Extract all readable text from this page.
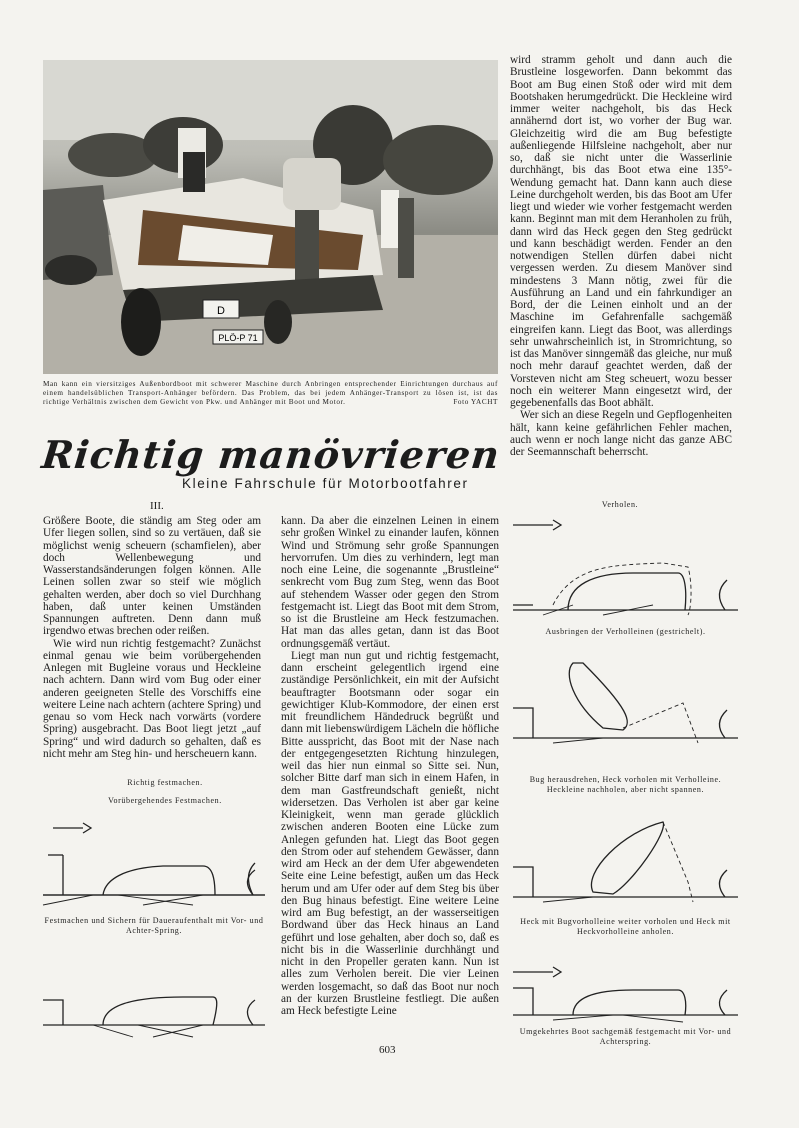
D
PLÖ-P 71
Man kann ein viersitziges Außenbordboot mit schwerer Maschine durch Anbringen entsprechender Einrichtungen durchaus auf einem handelsüblichen Transport-Anhänger befördern. Das Problem, das bei jedem Anhänger-Transport zu lösen ist, ist das richtige Verhältnis zwischen dem Gewicht von Pkw. und Anhänger mit Boot und Motor.	Foto YACHT
Richtig manövrieren
Kleine Fahrschule für Motorbootfahrer
III.

Größere Boote, die ständig am Steg oder am Ufer liegen sollen, sind so zu vertäuen, daß sie möglichst wenig scheuern (schamfielen), aber doch Wellenbewegung und Wasserstandsänderungen folgen können. Alle Leinen sollen zwar so steif wie möglich gehalten werden, aber doch so viel Durchhang haben, daß unter keinen Umständen Spannungen auftreten. Denn dann muß irgendwo etwas brechen oder reißen.

Wie wird nun richtig festgemacht? Zunächst einmal genau wie beim vorübergehenden Anlegen mit Bugleine voraus und Heckleine nach achtern. Dann wird vom Bug oder einer anderen geeigneten Stelle des Vorschiffs eine weitere Leine nach achtern (achtere Spring) und genau so vom Heck nach vorwärts (vordere Spring) ausgebracht. Das Boot liegt jetzt „auf Spring“ und wird dadurch so gehalten, daß es nicht mehr am Steg hin- und herscheuern kann.

kann. Da aber die einzelnen Leinen in einem sehr großen Winkel zu einander laufen, können Wind und Strömung sehr große Spannungen hervorrufen. Um dies zu verhindern, legt man noch eine Leine, die sogenannte „Brustleine“ senkrecht vom Bug zum Steg, wenn das Boot auf stehendem Wasser oder gegen den Strom festgemacht ist. Liegt das Boot mit dem Strom, so ist die Brustleine am Heck festzumachen. Hat man das alles getan, dann ist das Boot ordnungsgemäß vertäut.

Liegt man nun gut und richtig festgemacht, dann erscheint gelegentlich irgend eine zuständige Persönlichkeit, ein mit der Aufsicht beauftragter Bootsmann oder sogar ein gewichtiger Klub-Kommodore, der einen erst mit freundlichem Händedruck begrüßt und dann mit liebenswürdigem Lächeln die höfliche Bitte ausspricht, das Boot mit der Nase nach der entgegengesetzten Richtung hinzulegen, weil das hier nun einmal so Sitte sei. Nun, solcher Bitte darf man sich in einem Hafen, in dem man Gastfreundschaft genießt, nicht widersetzen. Das Verholen ist aber gar keine Kleinigkeit, wenn man gerade glücklich zwischen anderen Booten eine Lücke zum Anlegen gefunden hat. Liegt das Boot gegen den Strom oder auf stehendem Gewässer, dann wird am Heck an der dem Ufer abgewendeten Seite eine Leine befestigt, außen um das Heck herum und am Ufer oder auf dem Steg bis über den Bug hinaus befestigt. Eine weitere Leine wird am Bug befestigt, an der wasserseitigen Bordwand über das Heck hinaus an Land geführt und lose gehalten, aber doch so, daß es nicht bis in die Wasserlinie durchhängt und nicht in den Propeller geraten kann. Nun ist alles zum Verholen bereit. Die vier Leinen werden losgemacht, so daß das Boot nur noch an der kurzen Brustleine festliegt. Die außen am Heck befestigte Leine

wird stramm geholt und dann auch die Brustleine losgeworfen. Dann bekommt das Boot am Bug einen Stoß oder wird mit dem Bootshaken herumgedrückt. Die Heckleine wird immer weiter nachgeholt, bis das Heck annähernd dort ist, wo vorher der Bug war. Gleichzeitig wird die am Bug befestigte außenliegende Hilfsleine nachgeholt, aber nur so, daß sie nicht unter die Wasserlinie durchhängt, bis das Boot etwa eine 135°-Wendung gemacht hat. Dann kann auch diese Leine durchgeholt werden, bis das Boot am Ufer liegt und wieder wie vorher festgemacht werden kann. Beginnt man mit dem Heranholen zu früh, dann wird das Heck gegen den Steg gedrückt und kann beschädigt werden. Fender an den notwendigen Stellen dürfen dabei nicht vergessen werden. Zu diesem Manöver sind mindestens 3 Mann nötig, zwei für die Ausführung an Land und ein fahrkundiger an Bord, der die Leinen einholt und an der Maschine im Gefahrenfalle sachgemäß eingreifen kann. Liegt das Boot, was allerdings sehr unwahrscheinlich ist, in Stromrichtung, so ist das Manöver sinngemäß das gleiche, nur muß noch mehr darauf geachtet werden, daß der Vorsteven nicht am Steg scheuert, wozu besser noch ein weiterer Mann eingesetzt wird, der gegebenenfalls das Boot abhält.

Wer sich an diese Regeln und Gepflogenheiten hält, kann keine gefährlichen Fehler machen, auch wenn er noch lange nicht das ganze ABC der Seemannschaft beherrscht.

Richtig festmachen.
Vorübergehendes Festmachen.
Festmachen und Sichern für Daueraufenthalt mit Vor- und Achter-Spring.
Verholen.
Ausbringen der Verholleinen (gestrichelt).
Bug herausdrehen, Heck vorholen mit Verholleine. Heckleine nachholen, aber nicht spannen.
Heck mit Bugvorholleine weiter vorholen und Heck mit Heckvorholleine anholen.
Umgekehrtes Boot sachgemäß festgemacht mit Vor- und Achterspring.
603
